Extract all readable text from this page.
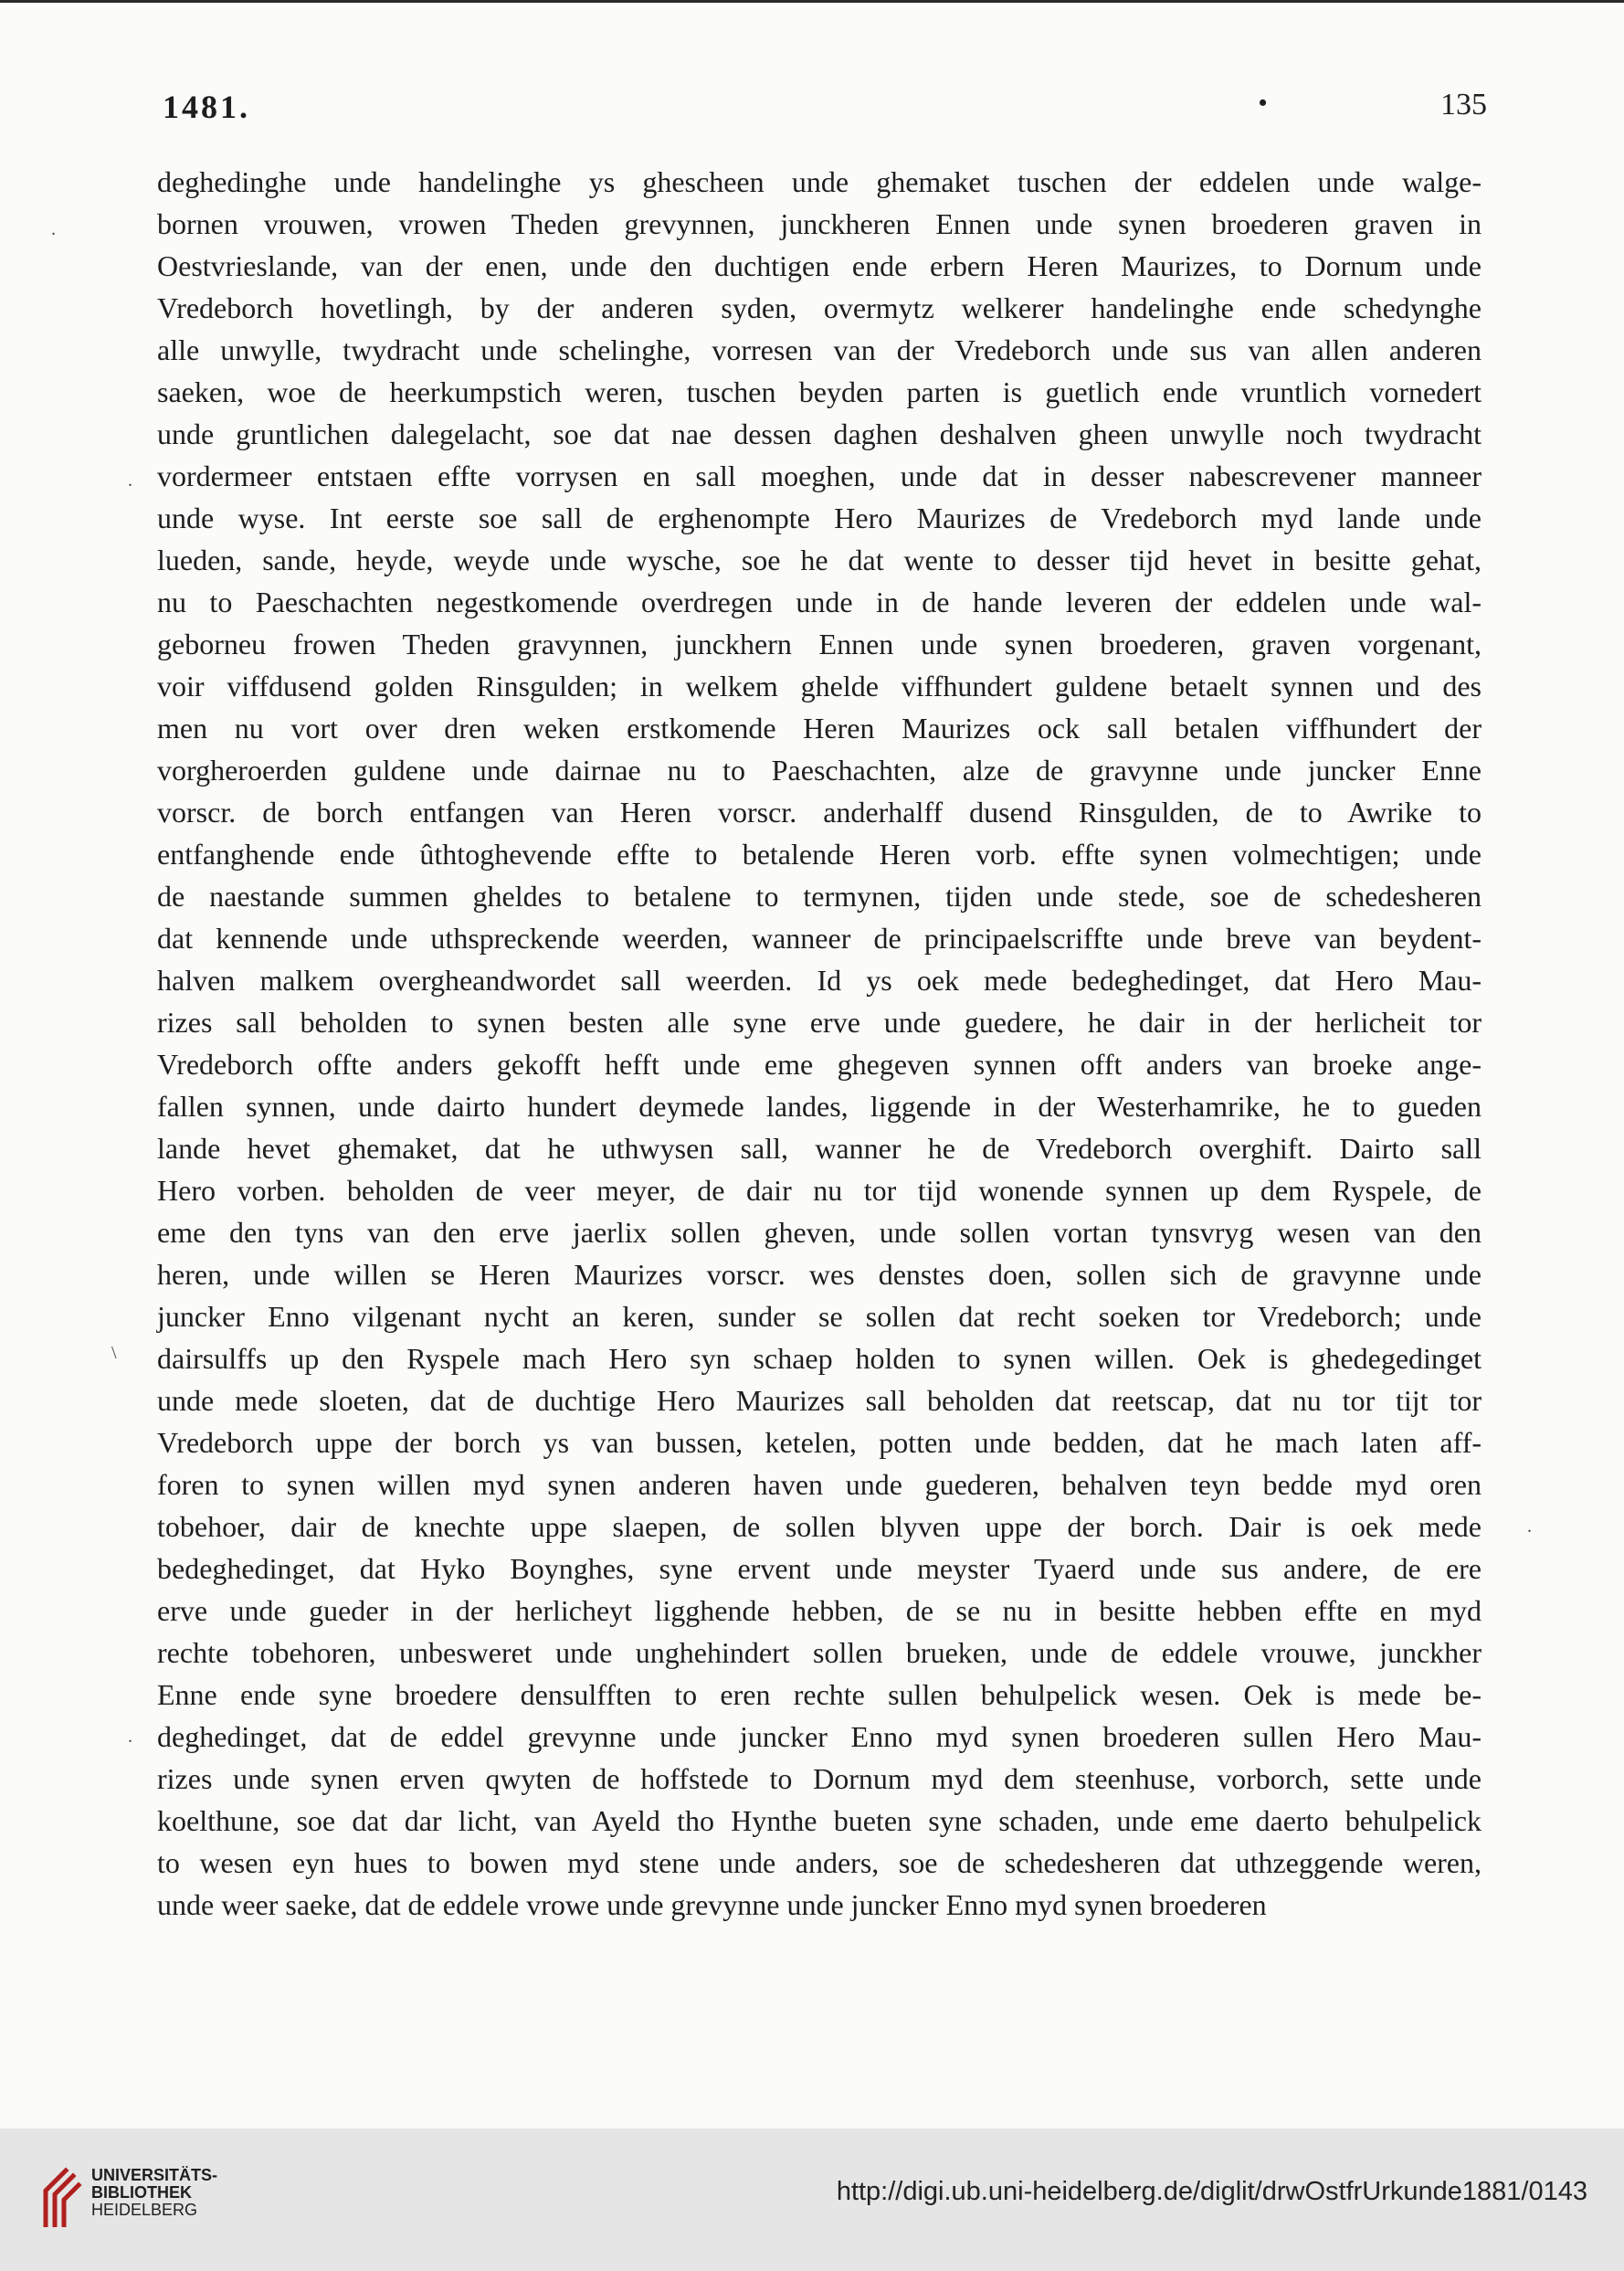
1481.	•	135
.
.
\
.
.
deghedinghe unde handelinghe ys ghescheen unde ghemaket tuschen der eddelen unde walge-
bornen vrouwen, vrowen Theden grevynnen, junckheren Ennen unde synen broederen graven in
Oestvrieslande, van der enen, unde den duchtigen ende erbern Heren Maurizes, to Dornum unde
Vredeborch hovetlingh, by der anderen syden, overmytz welkerer handelinghe ende schedynghe
alle unwylle, twydracht unde schelinghe, vorresen van der Vredeborch unde sus van allen anderen
saeken, woe de heerkumpstich weren, tuschen beyden parten is guetlich ende vruntlich vornedert
unde gruntlichen dalegelacht, soe dat nae dessen daghen deshalven gheen unwylle noch twydracht
vordermeer entstaen effte vorrysen en sall moeghen, unde dat in desser nabescrevener manneer
unde wyse. Int eerste soe sall de erghenompte Hero Maurizes de Vredeborch myd lande unde
lueden, sande, heyde, weyde unde wysche, soe he dat wente to desser tijd hevet in besitte gehat,
nu to Paeschachten negestkomende overdregen unde in de hande leveren der eddelen unde wal-
geborneu frowen Theden gravynnen, junckhern Ennen unde synen broederen, graven vorgenant,
voir viffdusend golden Rinsgulden; in welkem ghelde viffhundert guldene betaelt synnen und des
men nu vort over dren weken erstkomende Heren Maurizes ock sall betalen viffhundert der
vorgheroerden guldene unde dairnae nu to Paeschachten, alze de gravynne unde juncker Enne
vorscr. de borch entfangen van Heren vorscr. anderhalff dusend Rinsgulden, de to Awrike to
entfanghende ende ûthtoghevende effte to betalende Heren vorb. effte synen volmechtigen; unde
de naestande summen gheldes to betalene to termynen, tijden unde stede, soe de schedesheren
dat kennende unde uthspreckende weerden, wanneer de principaelscriffte unde breve van beydent-
halven malkem overgheandwordet sall weerden. Id ys oek mede bedeghedinget, dat Hero Mau-
rizes sall beholden to synen besten alle syne erve unde guedere, he dair in der herlicheit tor
Vredeborch offte anders gekofft hefft unde eme ghegeven synnen offt anders van broeke ange-
fallen synnen, unde dairto hundert deymede landes, liggende in der Westerhamrike, he to gueden
lande hevet ghemaket, dat he uthwysen sall, wanner he de Vredeborch overghift. Dairto sall
Hero vorben. beholden de veer meyer, de dair nu tor tijd wonende synnen up dem Ryspele, de
eme den tyns van den erve jaerlix sollen gheven, unde sollen vortan tynsvryg wesen van den
heren, unde willen se Heren Maurizes vorscr. wes denstes doen, sollen sich de gravynne unde
juncker Enno vilgenant nycht an keren, sunder se sollen dat recht soeken tor Vredeborch; unde
dairsulffs up den Ryspele mach Hero syn schaep holden to synen willen. Oek is ghedegedinget
unde mede sloeten, dat de duchtige Hero Maurizes sall beholden dat reetscap, dat nu tor tijt tor
Vredeborch uppe der borch ys van bussen, ketelen, potten unde bedden, dat he mach laten aff-
foren to synen willen myd synen anderen haven unde guederen, behalven teyn bedde myd oren
tobehoer, dair de knechte uppe slaepen, de sollen blyven uppe der borch. Dair is oek mede
bedeghedinget, dat Hyko Boynghes, syne ervent unde meyster Tyaerd unde sus andere, de ere
erve unde gueder in der herlicheyt ligghende hebben, de se nu in besitte hebben effte en myd
rechte tobehoren, unbesweret unde unghehindert sollen brueken, unde de eddele vrouwe, junckher
Enne ende syne broedere densulfften to eren rechte sullen behulpelick wesen. Oek is mede be-
deghedinget, dat de eddel grevynne unde juncker Enno myd synen broederen sullen Hero Mau-
rizes unde synen erven qwyten de hoffstede to Dornum myd dem steenhuse, vorborch, sette unde
koelthune, soe dat dar licht, van Ayeld tho Hynthe bueten syne schaden, unde eme daerto behulpelick
to wesen eyn hues to bowen myd stene unde anders, soe de schedesheren dat uthzeggende weren,
unde weer saeke, dat de eddele vrowe unde grevynne unde juncker Enno myd synen broederen
UNIVERSITÄTS-
BIBLIOTHEK
HEIDELBERG
http://digi.ub.uni-heidelberg.de/diglit/drwOstfrUrkunde1881/0143
